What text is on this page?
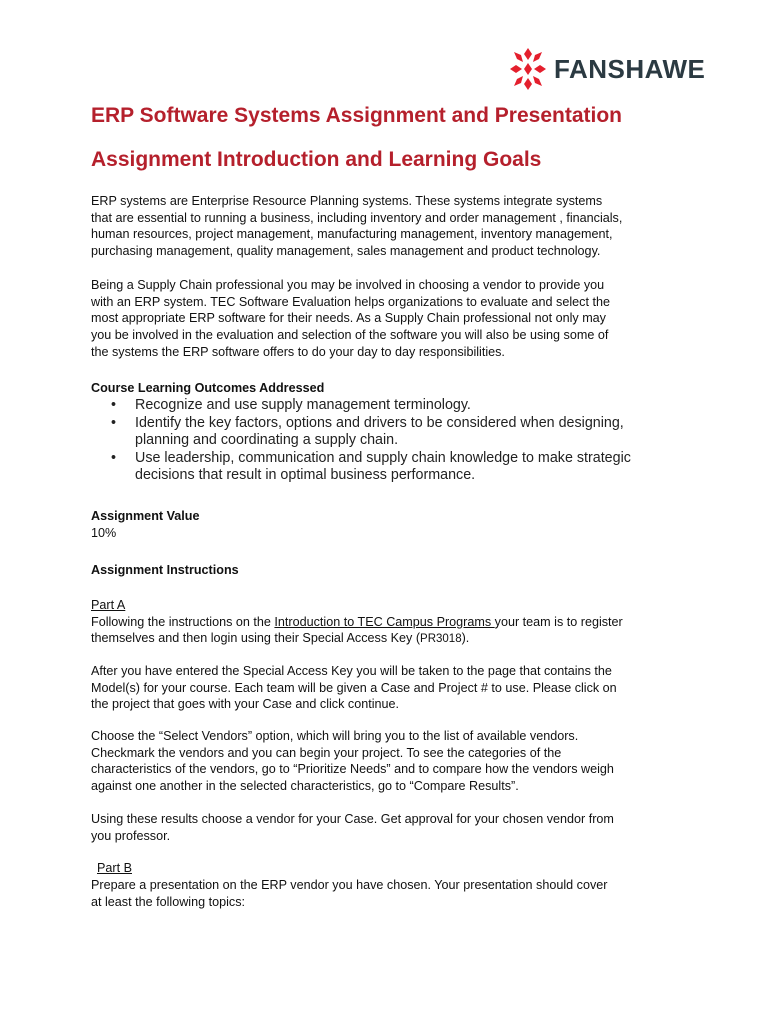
FANSHAWE
ERP Software Systems Assignment and Presentation
Assignment Introduction and Learning Goals
ERP systems are Enterprise Resource Planning systems. These systems integrate systems
that are essential to running a business, including inventory and order management , financials,
human resources, project management, manufacturing management, inventory management,
purchasing management, quality management, sales management and product technology.
Being a Supply Chain professional you may be involved in choosing a vendor to provide you
with an ERP system. TEC Software Evaluation helps organizations to evaluate and select the
most appropriate ERP software for their needs. As a Supply Chain professional not only may
you be involved in the evaluation and selection of the software you will also be using some of
the systems the ERP software offers to do your day to day responsibilities.
Course Learning Outcomes Addressed
• Recognize and use supply management terminology.
• Identify the key factors, options and drivers to be considered when designing,
planning and coordinating a supply chain.
• Use leadership, communication and supply chain knowledge to make strategic
decisions that result in optimal business performance.
Assignment Value
10%
Assignment Instructions
Part A
Following the instructions on the Introduction to TEC Campus Programs your team is to register
themselves and then login using their Special Access Key (PR3018).
After you have entered the Special Access Key you will be taken to the page that contains the
Model(s) for your course. Each team will be given a Case and Project # to use. Please click on
the project that goes with your Case and click continue.
Choose the “Select Vendors” option, which will bring you to the list of available vendors.
Checkmark the vendors and you can begin your project. To see the categories of the
characteristics of the vendors, go to “Prioritize Needs” and to compare how the vendors weigh
against one another in the selected characteristics, go to “Compare Results”.
Using these results choose a vendor for your Case. Get approval for your chosen vendor from
you professor.
Part B
Prepare a presentation on the ERP vendor you have chosen. Your presentation should cover
at least the following topics:
